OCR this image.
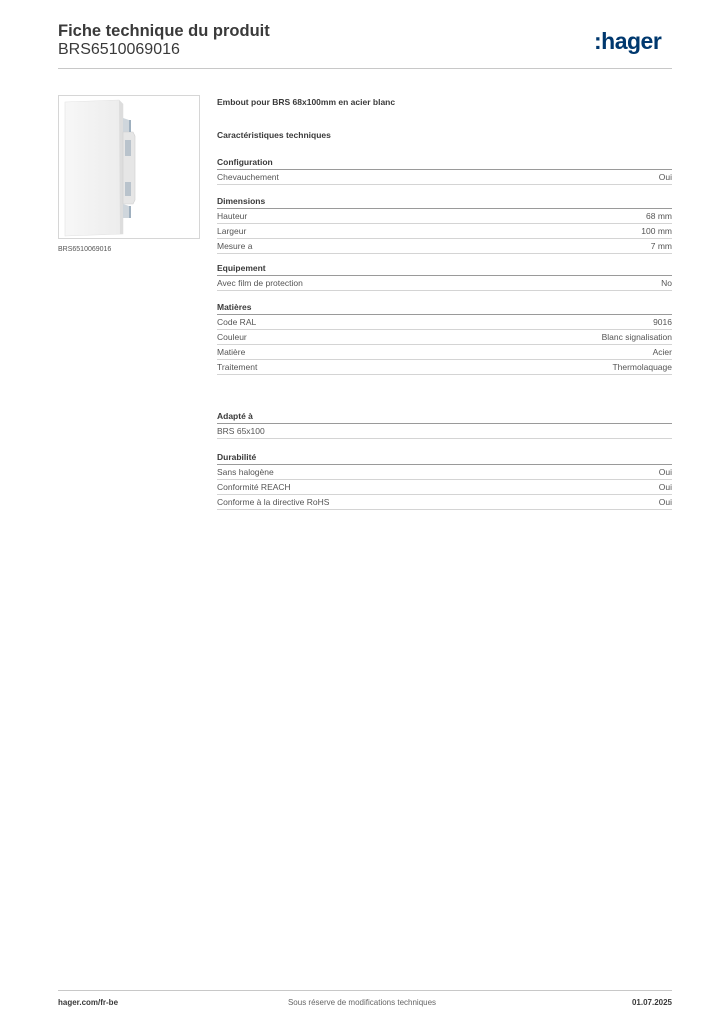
Fiche technique du produit
BRS6510069016	:hager
BRS6510069016
Embout pour BRS 68x100mm en acier blanc
Caractéristiques techniques
Configuration
Chevauchement	Oui
Dimensions
Hauteur	68 mm
Largeur	100 mm
Mesure a	7 mm
Equipement
Avec film de protection	No
Matières
Code RAL	9016
Couleur	Blanc signalisation
Matière	Acier
Traitement	Thermolaquage
Adapté à
BRS 65x100
Durabilité
Sans halogène	Oui
Conformité REACH	Oui
Conforme à la directive RoHS	Oui
hager.com/fr-be	Sous réserve de modifications techniques	01.07.2025
